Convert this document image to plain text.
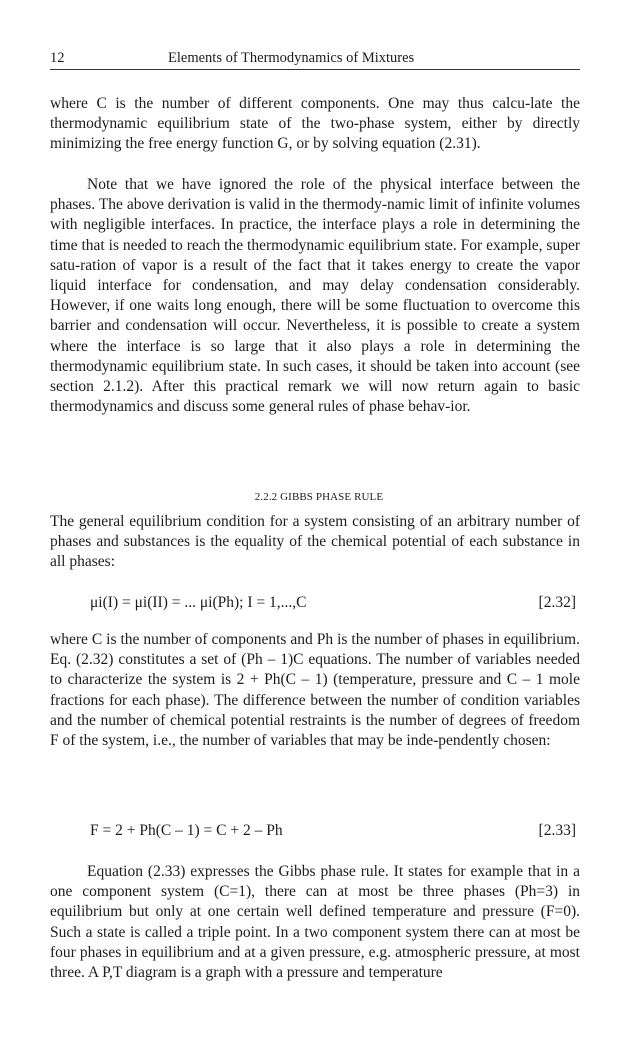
12	Elements of Thermodynamics of Mixtures

where C is the number of different components. One may thus calcu-late the thermodynamic equilibrium state of the two-phase system, either by directly minimizing the free energy function G, or by solving equation (2.31).

Note that we have ignored the role of the physical interface between the phases. The above derivation is valid in the thermody-namic limit of infinite volumes with negligible interfaces. In practice, the interface plays a role in determining the time that is needed to reach the thermodynamic equilibrium state. For example, super satu-ration of vapor is a result of the fact that it takes energy to create the vapor liquid interface for condensation, and may delay condensation considerably. However, if one waits long enough, there will be some fluctuation to overcome this barrier and condensation will occur. Nevertheless, it is possible to create a system where the interface is so large that it also plays a role in determining the thermodynamic equilibrium state. In such cases, it should be taken into account (see section 2.1.2). After this practical remark we will now return again to basic thermodynamics and discuss some general rules of phase behav-ior.

2.2.2 GIBBS PHASE RULE

The general equilibrium condition for a system consisting of an arbitrary number of phases and substances is the equality of the chemical potential of each substance in all phases:

μi(I) = μi(II) = ... μi(Ph); I = 1,...,C	[2.32]

where C is the number of components and Ph is the number of phases in equilibrium. Eq. (2.32) constitutes a set of (Ph – 1)C equations. The number of variables needed to characterize the system is 2 + Ph(C – 1) (temperature, pressure and C – 1 mole fractions for each phase). The difference between the number of condition variables and the number of chemical potential restraints is the number of degrees of freedom F of the system, i.e., the number of variables that may be inde-pendently chosen:

F = 2 + Ph(C – 1) = C + 2 – Ph	[2.33]

Equation (2.33) expresses the Gibbs phase rule. It states for example that in a one component system (C=1), there can at most be three phases (Ph=3) in equilibrium but only at one certain well defined temperature and pressure (F=0). Such a state is called a triple point. In a two component system there can at most be four phases in equilibrium and at a given pressure, e.g. atmospheric pressure, at most three. A P,T diagram is a graph with a pressure and temperature
